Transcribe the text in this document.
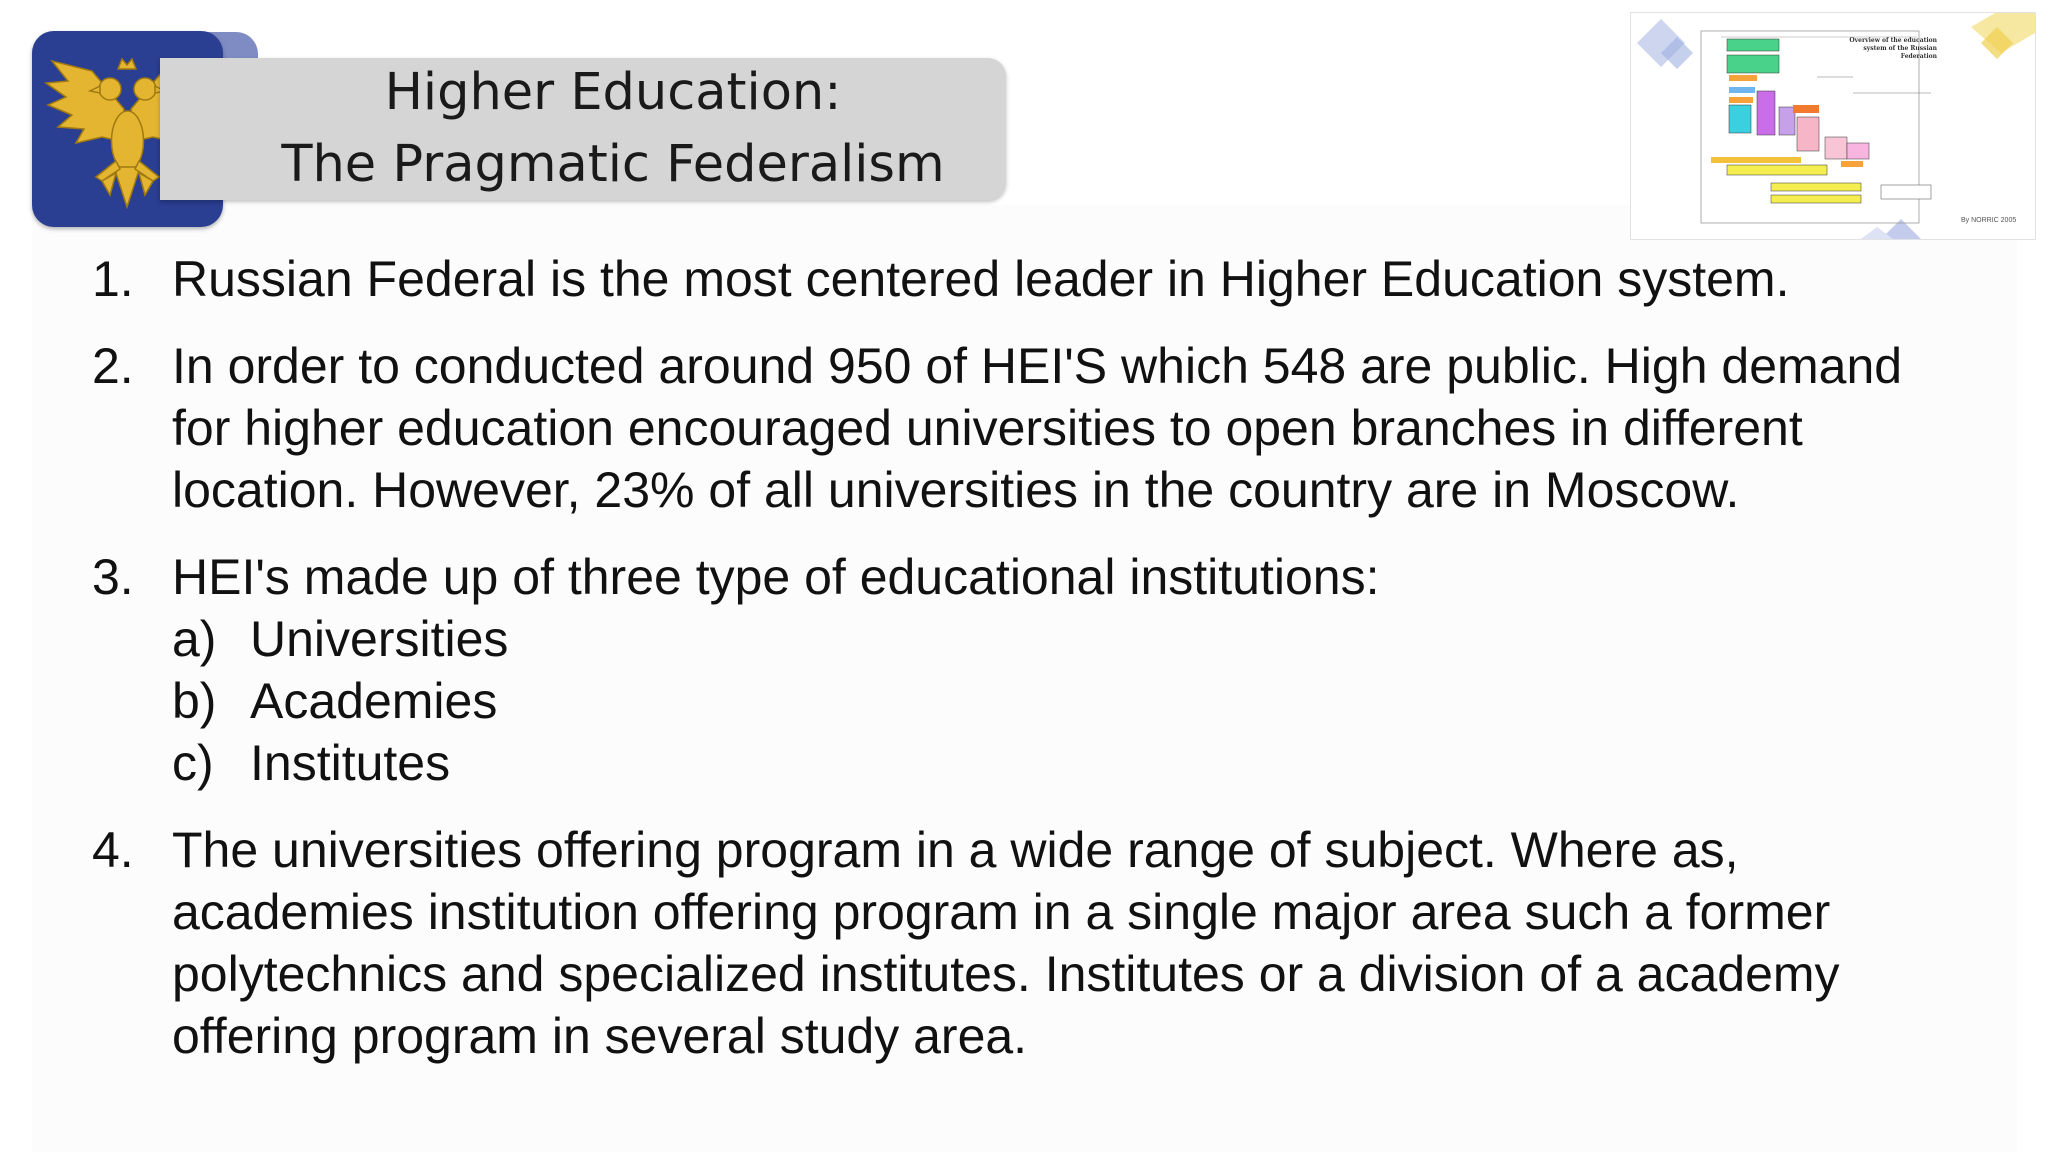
Higher Education:
The Pragmatic Federalism
Overview of the education system of the Russian Federation
By NORRIC 2005
1. Russian Federal is the most centered leader in Higher Education system.
2. In order to conducted around 950 of HEI'S which 548 are public. High demand
for higher education encouraged universities to open branches in different
location. However, 23% of all universities in the country are in Moscow.
3. HEI's made up of three type of educational institutions:
a) Universities
b) Academies
c) Institutes
4. The universities offering program in a wide range of subject. Where as,
academies institution offering program in a single major area such a former
polytechnics and specialized institutes. Institutes or a division of a academy
offering program in several study area.
